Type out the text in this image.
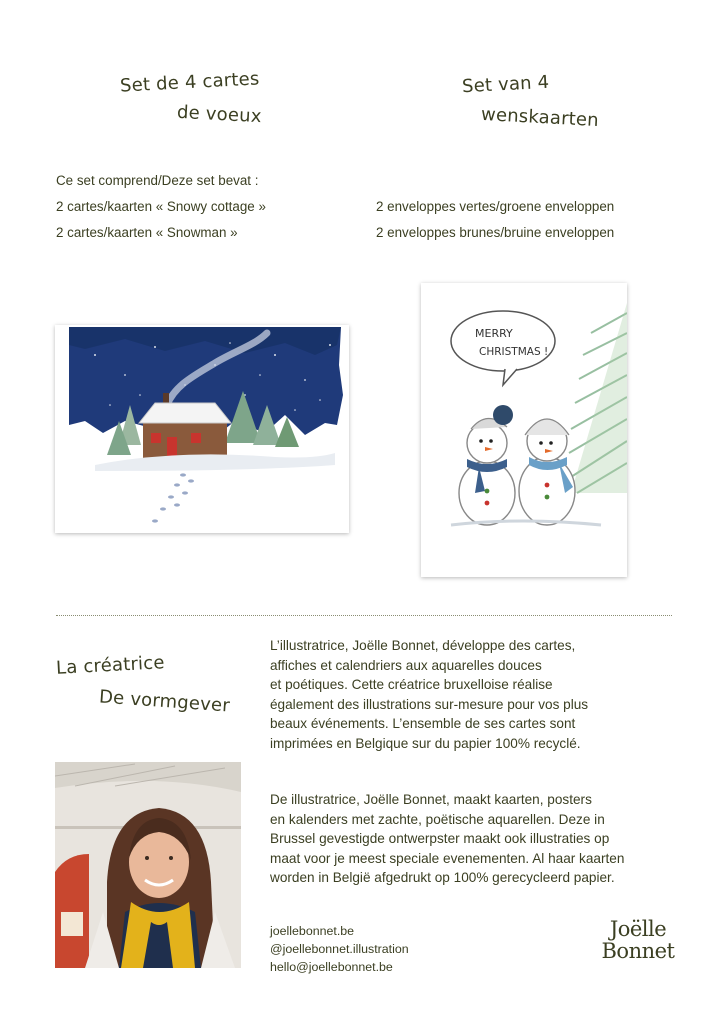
Set de 4 cartes
de voeux
Set van 4
wenskaarten
Ce set comprend/Deze set bevat :
2 cartes/kaarten « Snowy cottage »
2 cartes/kaarten « Snowman »
2 enveloppes vertes/groene enveloppen
2 enveloppes brunes/bruine enveloppen
MERRY
CHRISTMAS !
La créatrice
De vormgever
L’illustratrice, Joëlle Bonnet, développe des cartes,
affiches et calendriers aux aquarelles douces
et poétiques. Cette créatrice bruxelloise réalise
également des illustrations sur-mesure pour vos plus
beaux événements. L’ensemble de ses cartes sont
imprimées en Belgique sur du papier 100% recyclé.
De illustratrice, Joëlle Bonnet, maakt kaarten, posters
en kalenders met zachte, poëtische aquarellen. Deze in
Brussel gevestigde ontwerpster maakt ook illustraties op
maat voor je meest speciale evenementen. Al haar kaarten
worden in België afgedrukt op 100% gerecycleerd papier.
joellebonnet.be
@joellebonnet.illustration
hello@joellebonnet.be
Joëlle
Bonnet
